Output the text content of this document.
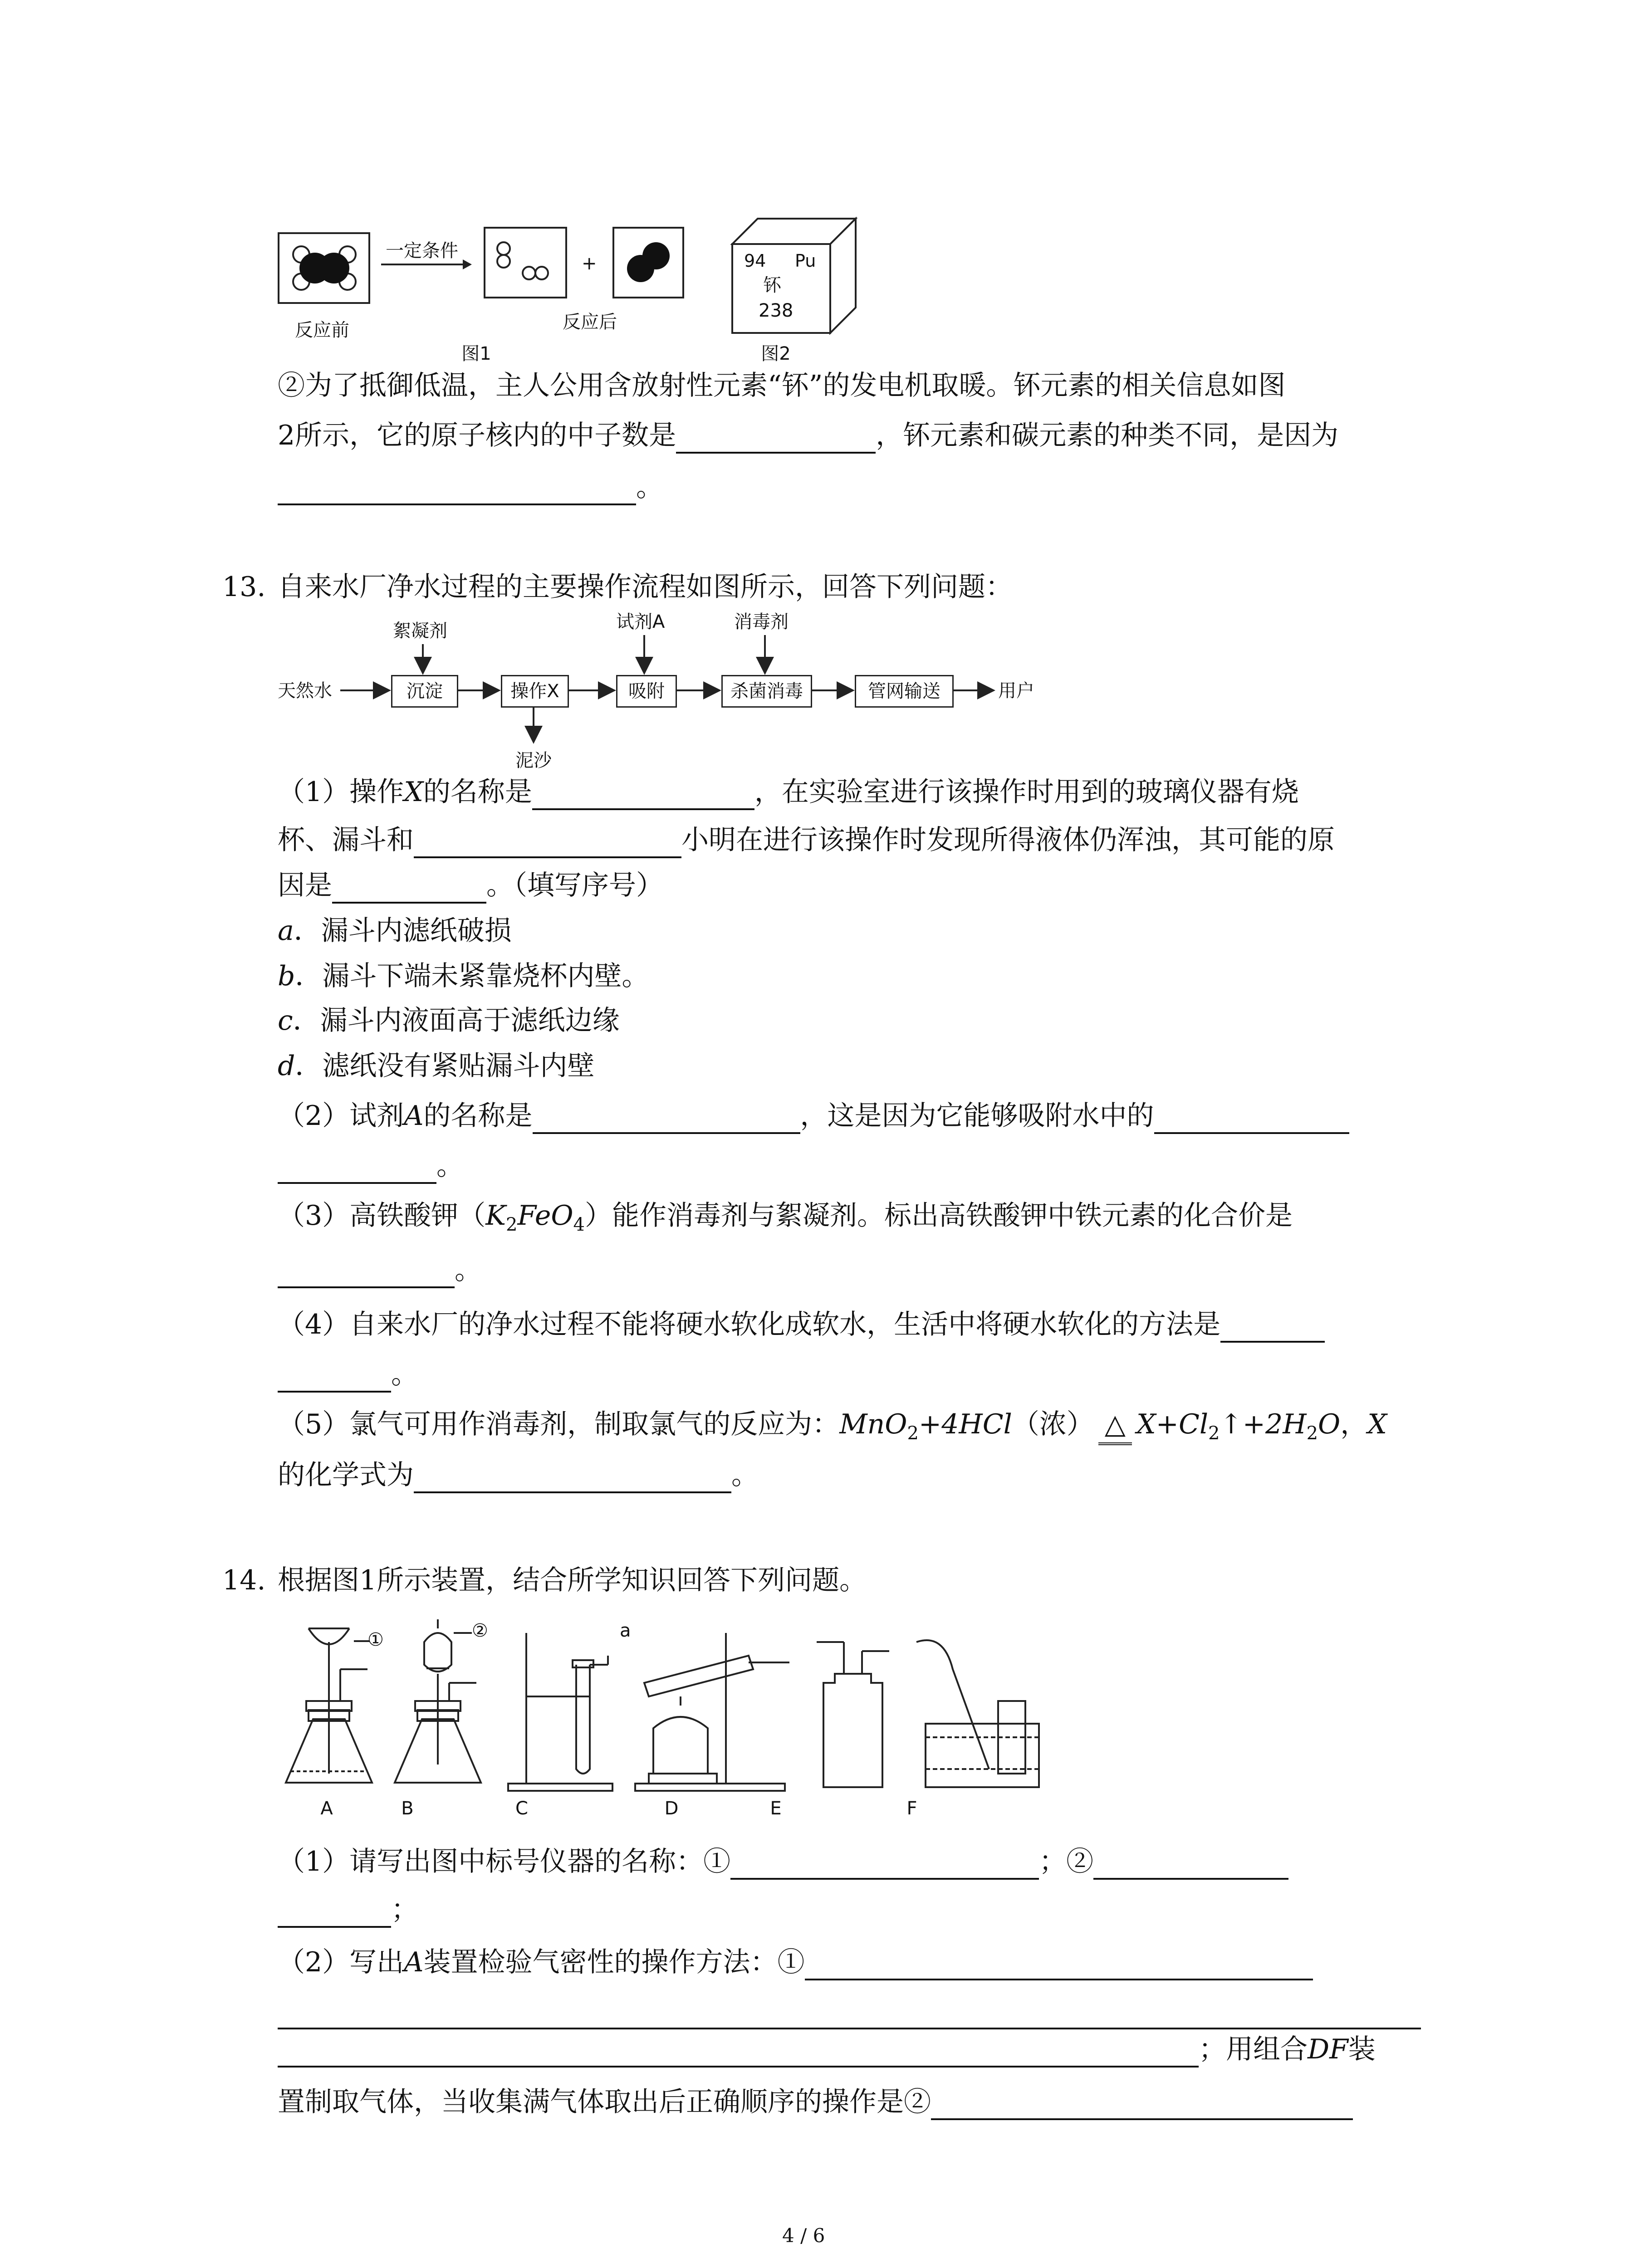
反应前
一定条件
+
反应后
图1
94 Pu
钚
238
图2
②为了抵御低温，主人公用含放射性元素“钚”的发电机取暖。钚元素的相关信息如图
2所示，它的原子核内的中子数是	，钚元素和碳元素的种类不同，是因为
。
13. 自来水厂净水过程的主要操作流程如图所示，回答下列问题：
天然水	沉淀	操作X	吸附	杀菌消毒	管网输送	用户
絮凝剂	试剂A	消毒剂
泥沙
（1）操作X的名称是	，在实验室进行该操作时用到的玻璃仪器有烧
杯、漏斗和	小明在进行该操作时发现所得液体仍浑浊，其可能的原
因是	。（填写序号）
a．漏斗内滤纸破损
b．漏斗下端未紧靠烧杯内壁。
c．漏斗内液面高于滤纸边缘
d．滤纸没有紧贴漏斗内壁
（2）试剂A的名称是	，这是因为它能够吸附水中的
。
（3）高铁酸钾$(K_2FeO_4)$能作消毒剂与絮凝剂。标出高铁酸钾中铁元素的化合价是
。
（4）自来水厂的净水过程不能将硬水软化成软水，生活中将硬水软化的方法是
。
（5）氯气可用作消毒剂，制取氯气的反应为：MnO$_2$+4HCl（浓） △ $X+Cl_2↑+2H_2O$，X
的化学式为	。
14. 根据图1所示装置，结合所学知识回答下列问题。
①	②	a
A	B	C	D	E	F
（1）请写出图中标号仪器的名称：①	；②
；
（2）写出A装置检验气密性的操作方法：①
；用组合DF装
置制取气体，当收集满气体取出后正确顺序的操作是②
4 / 6
